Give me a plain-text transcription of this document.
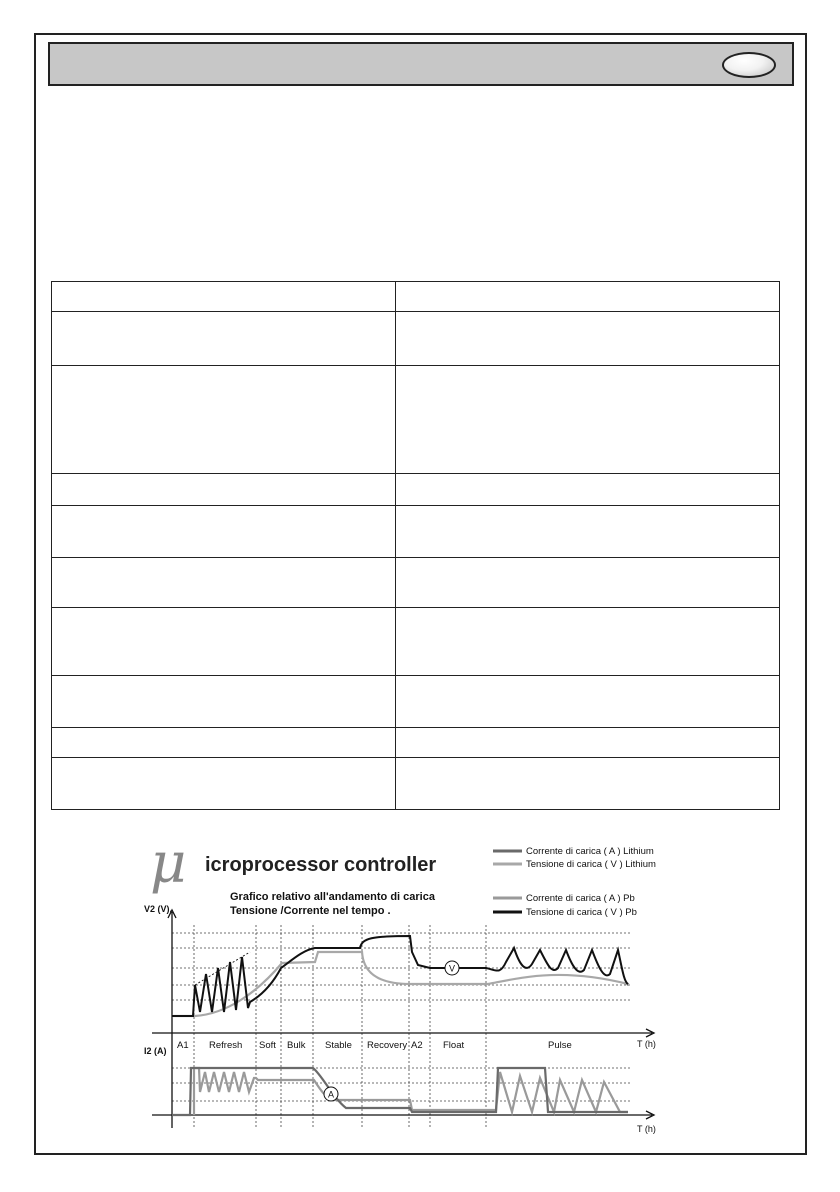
μ icroprocessor controller
Grafico relativo all'andamento di carica
Tensione /Corrente nel tempo .
Corrente di carica ( A ) Lithium
Tensione di carica ( V ) Lithium
Corrente di carica ( A ) Pb
Tensione di carica ( V ) Pb
V2 (V).
I2 (A)
T (h)
T (h)
A1 Refresh Soft Bulk Stable Recovery A2 Float	Pulse
V
A
